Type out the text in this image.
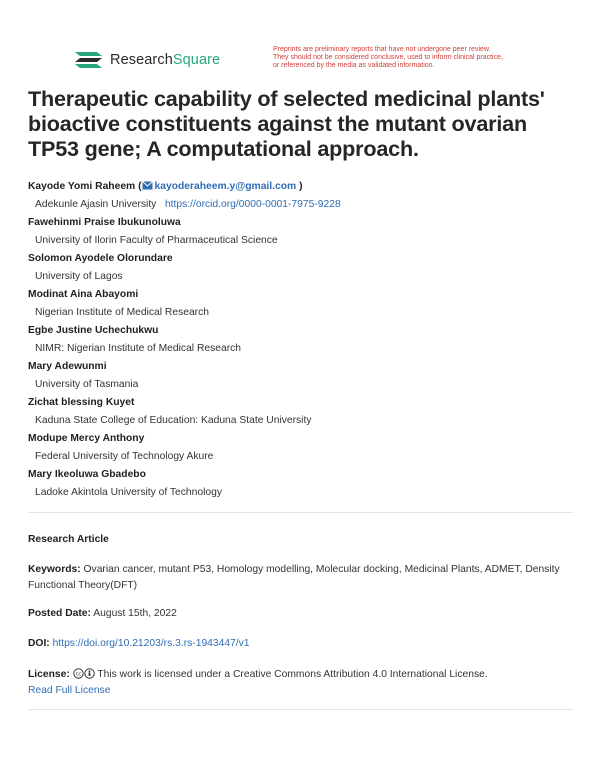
ResearchSquare
Preprints are preliminary reports that have not undergone peer review.
They should not be considered conclusive, used to inform clinical practice,
or referenced by the media as validated information.
Therapeutic capability of selected medicinal plants' bioactive constituents against the mutant ovarian TP53 gene; A computational approach.
Kayode Yomi Raheem ( kayoderaheem.y@gmail.com )
Adekunle Ajasin University https://orcid.org/0000-0001-7975-9228
Fawehinmi Praise Ibukunoluwa
University of Ilorin Faculty of Pharmaceutical Science
Solomon Ayodele Olorundare
University of Lagos
Modinat Aina Abayomi
Nigerian Institute of Medical Research
Egbe Justine Uchechukwu
NIMR: Nigerian Institute of Medical Research
Mary Adewunmi
University of Tasmania
Zichat blessing Kuyet
Kaduna State College of Education: Kaduna State University
Modupe Mercy Anthony
Federal University of Technology Akure
Mary Ikeoluwa Gbadebo
Ladoke Akintola University of Technology
Research Article
Keywords: Ovarian cancer, mutant P53, Homology modelling, Molecular docking, Medicinal Plants, ADMET, Density Functional Theory(DFT)
Posted Date: August 15th, 2022
DOI: https://doi.org/10.21203/rs.3.rs-1943447/v1
License: cc This work is licensed under a Creative Commons Attribution 4.0 International License.
Read Full License
